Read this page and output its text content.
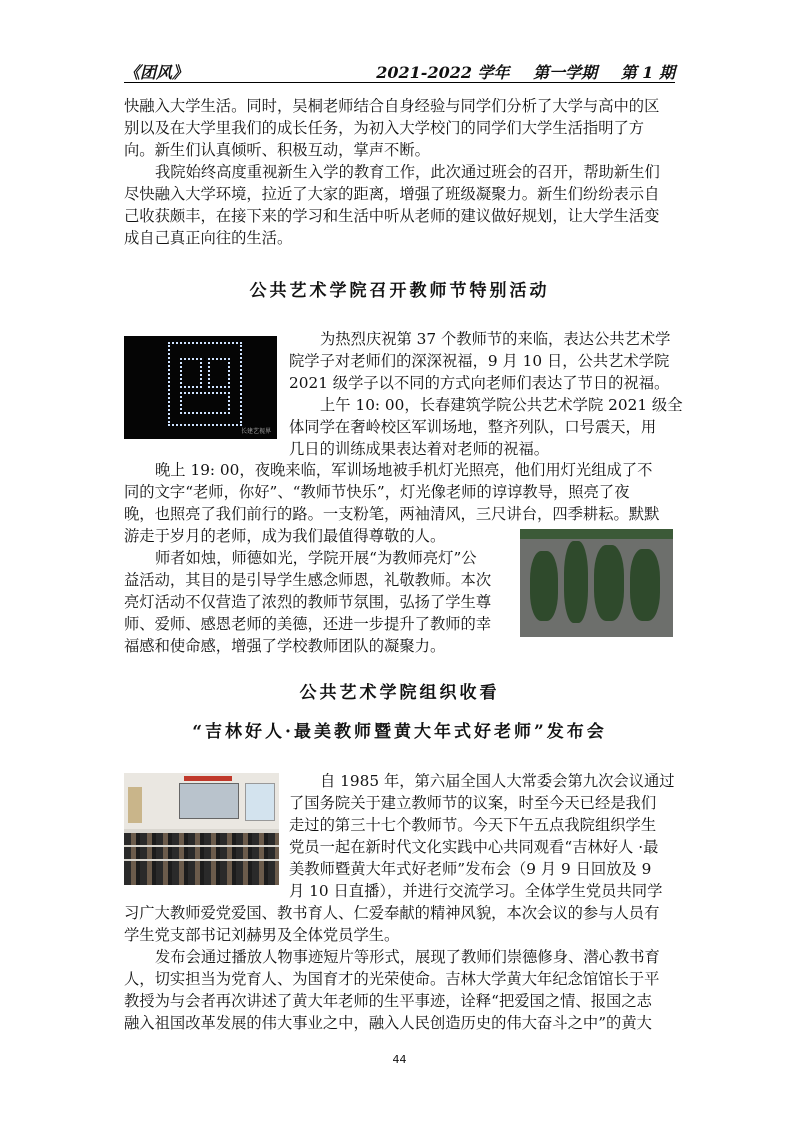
《团风》	2021-2022 学年 第一学期 第 1 期
快融入大学生活。同时，吴桐老师结合自身经验与同学们分析了大学与高中的区
别以及在大学里我们的成长任务，为初入大学校门的同学们大学生活指明了方
向。新生们认真倾听、积极互动，掌声不断。
我院始终高度重视新生入学的教育工作，此次通过班会的召开，帮助新生们
尽快融入大学环境，拉近了大家的距离，增强了班级凝聚力。新生们纷纷表示自
己收获颇丰，在接下来的学习和生活中听从老师的建议做好规划，让大学生活变
成自己真正向往的生活。
公共艺术学院召开教师节特别活动
长建艺视界
为热烈庆祝第 37 个教师节的来临，表达公共艺术学
院学子对老师们的深深祝福，9 月 10 日，公共艺术学院
2021 级学子以不同的方式向老师们表达了节日的祝福。
上午 10: 00，长春建筑学院公共艺术学院 2021 级全
体同学在奢岭校区军训场地，整齐列队，口号震天，用
几日的训练成果表达着对老师的祝福。
晚上 19: 00，夜晚来临，军训场地被手机灯光照亮，他们用灯光组成了不
同的文字“老师，你好”、“教师节快乐”，灯光像老师的谆谆教导，照亮了夜
晚，也照亮了我们前行的路。一支粉笔，两袖清风，三尺讲台，四季耕耘。默默
游走于岁月的老师，成为我们最值得尊敬的人。
师者如烛，师德如光，学院开展“为教师亮灯”公
益活动，其目的是引导学生感念师恩，礼敬教师。本次
亮灯活动不仅营造了浓烈的教师节氛围，弘扬了学生尊
师、爱师、感恩老师的美德，还进一步提升了教师的幸
福感和使命感，增强了学校教师团队的凝聚力。
公共艺术学院组织收看
“吉林好人·最美教师暨黄大年式好老师”发布会
自 1985 年，第六届全国人大常委会第九次会议通过
了国务院关于建立教师节的议案，时至今天已经是我们
走过的第三十七个教师节。今天下午五点我院组织学生
党员一起在新时代文化实践中心共同观看“吉林好人 ·最
美教师暨黄大年式好老师”发布会（9 月 9 日回放及 9
月 10 日直播），并进行交流学习。全体学生党员共同学
习广大教师爱党爱国、教书育人、仁爱奉献的精神风貌，本次会议的参与人员有
学生党支部书记刘赫男及全体党员学生。
发布会通过播放人物事迹短片等形式，展现了教师们崇德修身、潜心教书育
人，切实担当为党育人、为国育才的光荣使命。吉林大学黄大年纪念馆馆长于平
教授为与会者再次讲述了黄大年老师的生平事迹，诠释“把爱国之情、报国之志
融入祖国改革发展的伟大事业之中，融入人民创造历史的伟大奋斗之中”的黄大
44
